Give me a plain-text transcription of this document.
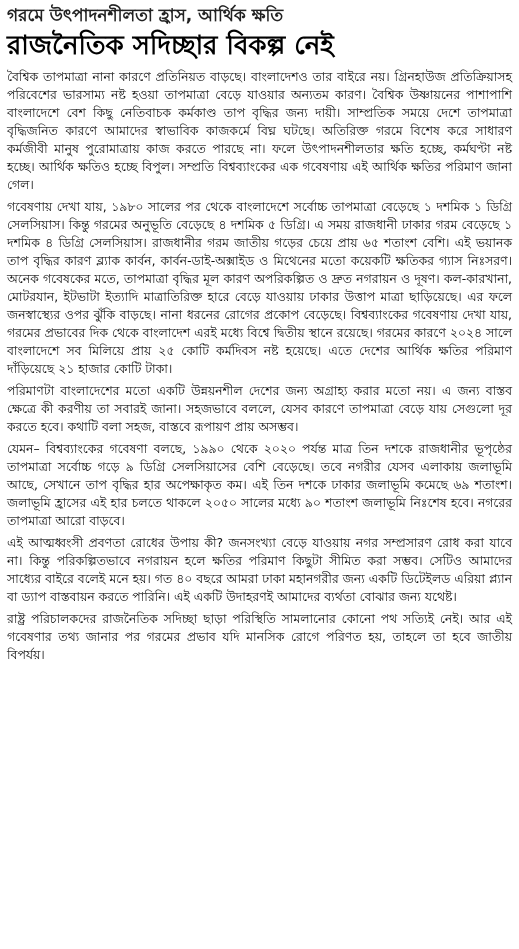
গরমে উৎপাদনশীলতা হ্রাস, আর্থিক ক্ষতি
রাজনৈতিক সদিচ্ছার বিকল্প নেই

বৈশ্বিক তাপমাত্রা নানা কারণে প্রতিনিয়ত বাড়ছে। বাংলাদেশও তার বাইরে নয়। গ্রিনহাউজ প্রতিক্রিয়াসহ পরিবেশের ভারসাম্য নষ্ট হওয়া তাপমাত্রা বেড়ে যাওয়ার অন্যতম কারণ। বৈশ্বিক উষ্ণায়নের পাশাপাশি বাংলাদেশে বেশ কিছু নেতিবাচক কর্মকাণ্ড তাপ বৃদ্ধির জন্য দায়ী। সাম্প্রতিক সময়ে দেশে তাপমাত্রা বৃদ্ধিজনিত কারণে আমাদের স্বাভাবিক কাজকর্মে বিঘ্ন ঘটছে। অতিরিক্ত গরমে বিশেষ করে সাধারণ কর্মজীবী মানুষ পুরোমাত্রায় কাজ করতে পারছে না। ফলে উৎপাদনশীলতার ক্ষতি হচ্ছে, কর্মঘণ্টা নষ্ট হচ্ছে। আর্থিক ক্ষতিও হচ্ছে বিপুল। সম্প্রতি বিশ্বব্যাংকের এক গবেষণায় এই আর্থিক ক্ষতির পরিমাণ জানা গেল।

গবেষণায় দেখা যায়, ১৯৮০ সালের পর থেকে বাংলাদেশে সর্বোচ্চ তাপমাত্রা বেড়েছে ১ দশমিক ১ ডিগ্রি সেলসিয়াস। কিন্তু গরমের অনুভূতি বেড়েছে ৪ দশমিক ৫ ডিগ্রি। এ সময় রাজধানী ঢাকার গরম বেড়েছে ১ দশমিক ৪ ডিগ্রি সেলসিয়াস। রাজধানীর গরম জাতীয় গড়ের চেয়ে প্রায় ৬৫ শতাংশ বেশি। এই ভয়ানক তাপ বৃদ্ধির কারণ ব্ল্যাক কার্বন, কার্বন-ডাই-অক্সাইড ও মিথেনের মতো কয়েকটি ক্ষতিকর গ্যাস নিঃসরণ। অনেক গবেষকের মতে, তাপমাত্রা বৃদ্ধির মূল কারণ অপরিকল্পিত ও দ্রুত নগরায়ন ও দূষণ। কল-কারখানা, মোটরযান, ইটভাটা ইত্যাদি মাত্রাতিরিক্ত হারে বেড়ে যাওয়ায় ঢাকার উত্তাপ মাত্রা ছাড়িয়েছে। এর ফলে জনস্বাস্থ্যের ওপর ঝুঁকি বাড়ছে। নানা ধরনের রোগের প্রকোপ বেড়েছে। বিশ্বব্যাংকের গবেষণায় দেখা যায়, গরমের প্রভাবের দিক থেকে বাংলাদেশ এরই মধ্যে বিশ্বে দ্বিতীয় স্থানে রয়েছে। গরমের কারণে ২০২৪ সালে বাংলাদেশে সব মিলিয়ে প্রায় ২৫ কোটি কর্মদিবস নষ্ট হয়েছে। এতে দেশের আর্থিক ক্ষতির পরিমাণ দাঁড়িয়েছে ২১ হাজার কোটি টাকা।

পরিমাণটা বাংলাদেশের মতো একটি উন্নয়নশীল দেশের জন্য অগ্রাহ্য করার মতো নয়। এ জন্য বাস্তব ক্ষেত্রে কী করণীয় তা সবারই জানা। সহজভাবে বললে, যেসব কারণে তাপমাত্রা বেড়ে যায় সেগুলো দূর করতে হবে। কথাটি বলা সহজ, বাস্তবে রূপায়ণ প্রায় অসম্ভব।

যেমন– বিশ্বব্যাংকের গবেষণা বলছে, ১৯৯০ থেকে ২০২০ পর্যন্ত মাত্র তিন দশকে রাজধানীর ভূপৃষ্ঠের তাপমাত্রা সর্বোচ্চ গড়ে ৯ ডিগ্রি সেলসিয়াসের বেশি বেড়েছে। তবে নগরীর যেসব এলাকায় জলাভূমি আছে, সেখানে তাপ বৃদ্ধির হার অপেক্ষাকৃত কম। এই তিন দশকে ঢাকার জলাভূমি কমেছে ৬৯ শতাংশ। জলাভূমি হ্রাসের এই হার চলতে থাকলে ২০৫০ সালের মধ্যে ৯০ শতাংশ জলাভূমি নিঃশেষ হবে। নগরের তাপমাত্রা আরো বাড়বে।

এই আত্মধ্বংসী প্রবণতা রোধের উপায় কী? জনসংখ্যা বেড়ে যাওয়ায় নগর সম্প্রসারণ রোধ করা যাবে না। কিন্তু পরিকল্পিতভাবে নগরায়ন হলে ক্ষতির পরিমাণ কিছুটা সীমিত করা সম্ভব। সেটিও আমাদের সাধ্যের বাইরে বলেই মনে হয়। গত ৪০ বছরে আমরা ঢাকা মহানগরীর জন্য একটি ডিটেইলড এরিয়া প্ল্যান বা ড্যাপ বাস্তবায়ন করতে পারিনি। এই একটি উদাহরণই আমাদের ব্যর্থতা বোঝার জন্য যথেষ্ট।

রাষ্ট্র পরিচালকদের রাজনৈতিক সদিচ্ছা ছাড়া পরিস্থিতি সামলানোর কোনো পথ সত্যিই নেই। আর এই গবেষণার তথ্য জানার পর গরমের প্রভাব যদি মানসিক রোগে পরিণত হয়, তাহলে তা হবে জাতীয় বিপর্যয়।
